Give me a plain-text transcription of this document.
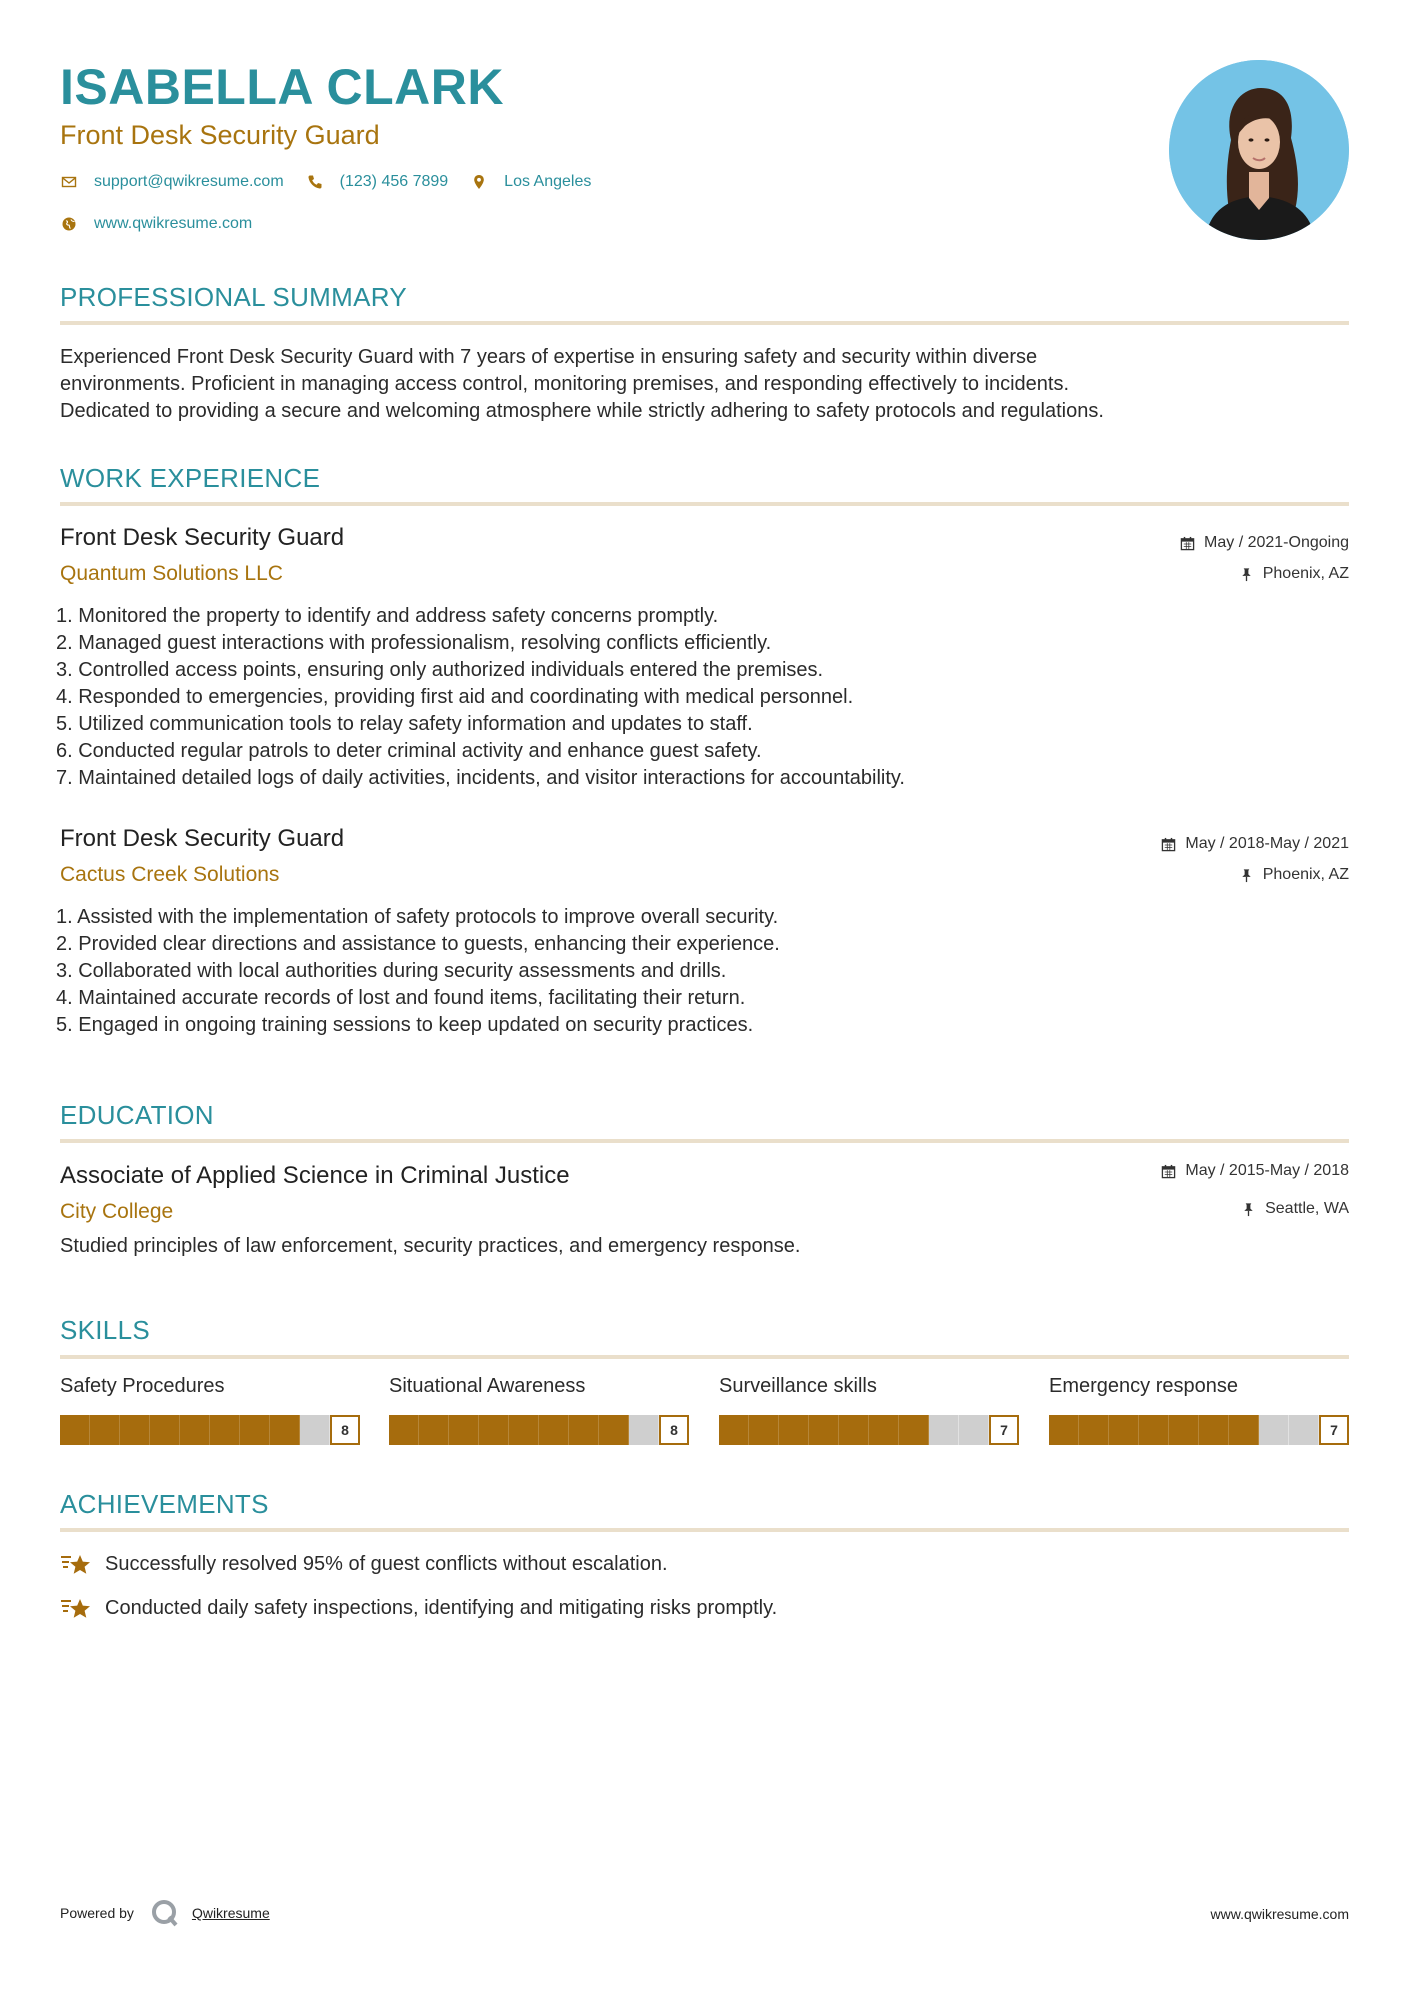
ISABELLA CLARK
Front Desk Security Guard
support@qwikresume.com	(123) 456 7899	Los Angeles
www.qwikresume.com
PROFESSIONAL SUMMARY
Experienced Front Desk Security Guard with 7 years of expertise in ensuring safety and security within diverse
environments. Proficient in managing access control, monitoring premises, and responding effectively to incidents.
Dedicated to providing a secure and welcoming atmosphere while strictly adhering to safety protocols and regulations.
WORK EXPERIENCE
Front Desk Security Guard
Quantum Solutions LLC
May / 2021-Ongoing
Phoenix, AZ
1. Monitored the property to identify and address safety concerns promptly.
2. Managed guest interactions with professionalism, resolving conflicts efficiently.
3. Controlled access points, ensuring only authorized individuals entered the premises.
4. Responded to emergencies, providing first aid and coordinating with medical personnel.
5. Utilized communication tools to relay safety information and updates to staff.
6. Conducted regular patrols to deter criminal activity and enhance guest safety.
7. Maintained detailed logs of daily activities, incidents, and visitor interactions for accountability.
Front Desk Security Guard
Cactus Creek Solutions
May / 2018-May / 2021
Phoenix, AZ
1. Assisted with the implementation of safety protocols to improve overall security.
2. Provided clear directions and assistance to guests, enhancing their experience.
3. Collaborated with local authorities during security assessments and drills.
4. Maintained accurate records of lost and found items, facilitating their return.
5. Engaged in ongoing training sessions to keep updated on security practices.
EDUCATION
Associate of Applied Science in Criminal Justice
City College
May / 2015-May / 2018
Seattle, WA
Studied principles of law enforcement, security practices, and emergency response.
SKILLS
Safety Procedures
8
Situational Awareness
8
Surveillance skills
7
Emergency response
7
ACHIEVEMENTS
Successfully resolved 95% of guest conflicts without escalation.
Conducted daily safety inspections, identifying and mitigating risks promptly.
Powered by	Qwikresume	www.qwikresume.com
